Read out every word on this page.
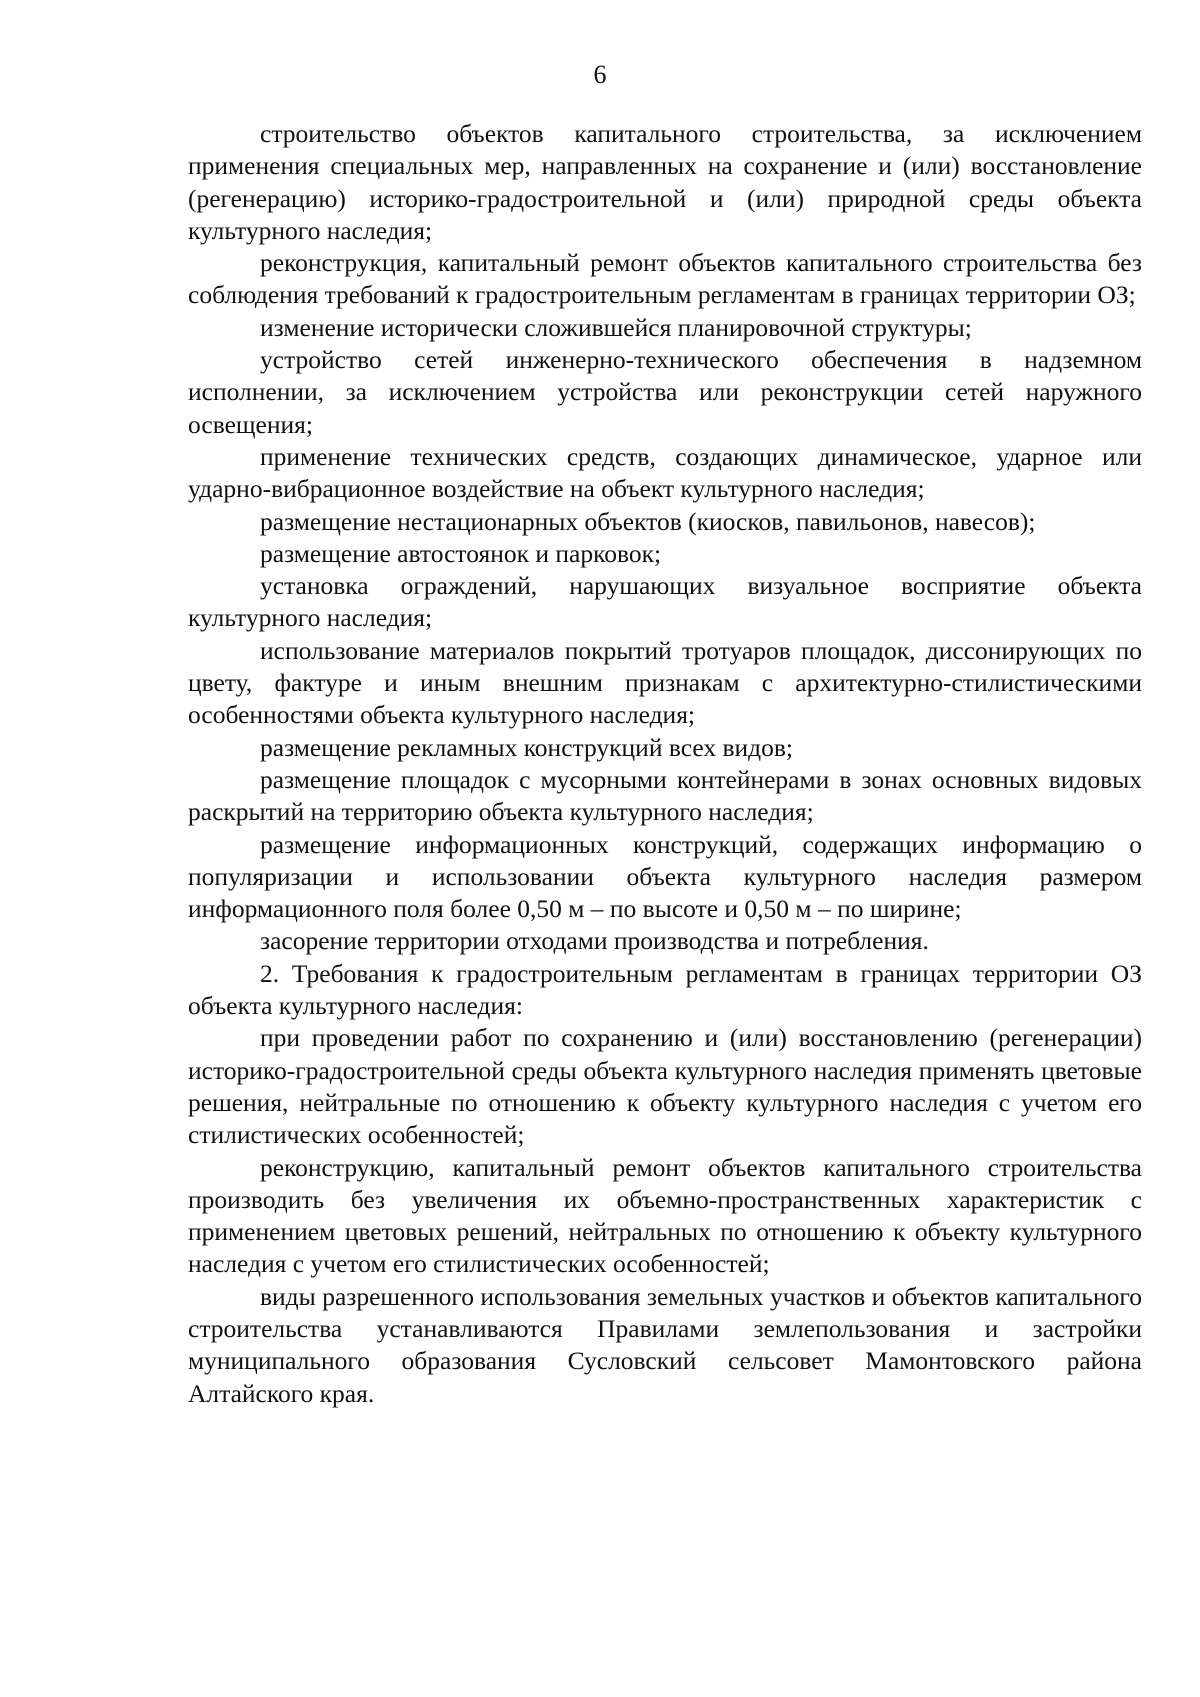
6

строительство объектов капитального строительства, за исключением применения специальных мер, направленных на сохранение и (или) восстановление (регенерацию) историко-градостроительной и (или) природной среды объекта культурного наследия;

реконструкция, капитальный ремонт объектов капитального строительства без соблюдения требований к градостроительным регламентам в границах территории ОЗ;

изменение исторически сложившейся планировочной структуры;

устройство сетей инженерно-технического обеспечения в надземном исполнении, за исключением устройства или реконструкции сетей наружного освещения;

применение технических средств, создающих динамическое, ударное или ударно-вибрационное воздействие на объект культурного наследия;

размещение нестационарных объектов (киосков, павильонов, навесов);

размещение автостоянок и парковок;

установка ограждений, нарушающих визуальное восприятие объекта культурного наследия;

использование материалов покрытий тротуаров площадок, диссонирующих по цвету, фактуре и иным внешним признакам с архитектурно-стилистическими особенностями объекта культурного наследия;

размещение рекламных конструкций всех видов;

размещение площадок с мусорными контейнерами в зонах основных видовых раскрытий на территорию объекта культурного наследия;

размещение информационных конструкций, содержащих информацию о популяризации и использовании объекта культурного наследия размером информационного поля более 0,50 м – по высоте и 0,50 м – по ширине;

засорение территории отходами производства и потребления.

2. Требования к градостроительным регламентам в границах территории ОЗ объекта культурного наследия:

при проведении работ по сохранению и (или) восстановлению (регенерации) историко-градостроительной среды объекта культурного наследия применять цветовые решения, нейтральные по отношению к объекту культурного наследия с учетом его стилистических особенностей;

реконструкцию, капитальный ремонт объектов капитального строительства производить без увеличения их объемно-пространственных характеристик с применением цветовых решений, нейтральных по отношению к объекту культурного наследия с учетом его стилистических особенностей;

виды разрешенного использования земельных участков и объектов капитального строительства устанавливаются Правилами землепользования и застройки муниципального образования Сусловский сельсовет Мамонтовского района Алтайского края.
